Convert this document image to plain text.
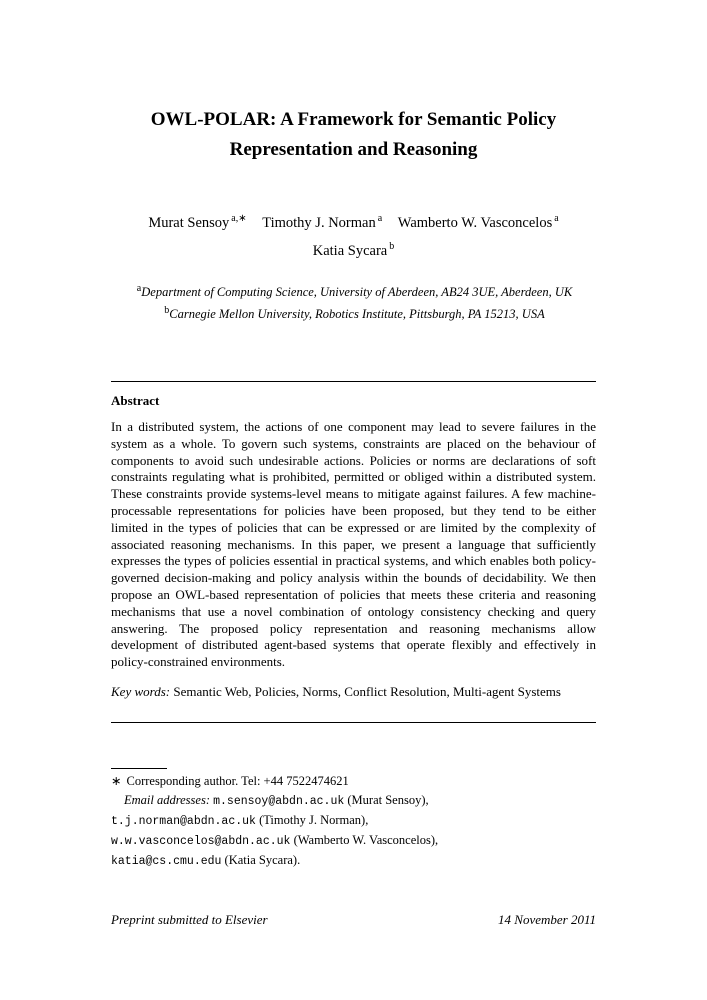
OWL-POLAR: A Framework for Semantic Policy
Representation and Reasoning
Murat Sensoy $^{a,∗}$ Timothy J. Norman $^a$ Wamberto W. Vasconcelos $^a$
Katia Sycara $^b$
$^a$Department of Computing Science, University of Aberdeen, AB24 3UE, Aberdeen, UK
$^b$Carnegie Mellon University, Robotics Institute, Pittsburgh, PA 15213, USA
Abstract

In a distributed system, the actions of one component may lead to severe failures in the system as a whole. To govern such systems, constraints are placed on the behaviour of components to avoid such undesirable actions. Policies or norms are declarations of soft constraints regulating what is prohibited, permitted or obliged within a distributed system. These constraints provide systems-level means to mitigate against failures. A few machine-processable representations for policies have been proposed, but they tend to be either limited in the types of policies that can be expressed or are limited by the complexity of associated reasoning mechanisms. In this paper, we present a language that sufficiently expresses the types of policies essential in practical systems, and which enables both policy-governed decision-making and policy analysis within the bounds of decidability. We then propose an OWL-based representation of policies that meets these criteria and reasoning mechanisms that use a novel combination of ontology consistency checking and query answering. The proposed policy representation and reasoning mechanisms allow development of distributed agent-based systems that operate flexibly and effectively in policy-constrained environments.

Key words: Semantic Web, Policies, Norms, Conflict Resolution, Multi-agent Systems

∗ Corresponding author. Tel: +44 7522474621
Email addresses: m.sensoy@abdn.ac.uk (Murat Sensoy),
t.j.norman@abdn.ac.uk (Timothy J. Norman),
w.w.vasconcelos@abdn.ac.uk (Wamberto W. Vasconcelos),
katia@cs.cmu.edu (Katia Sycara).
Preprint submitted to Elsevier	14 November 2011
